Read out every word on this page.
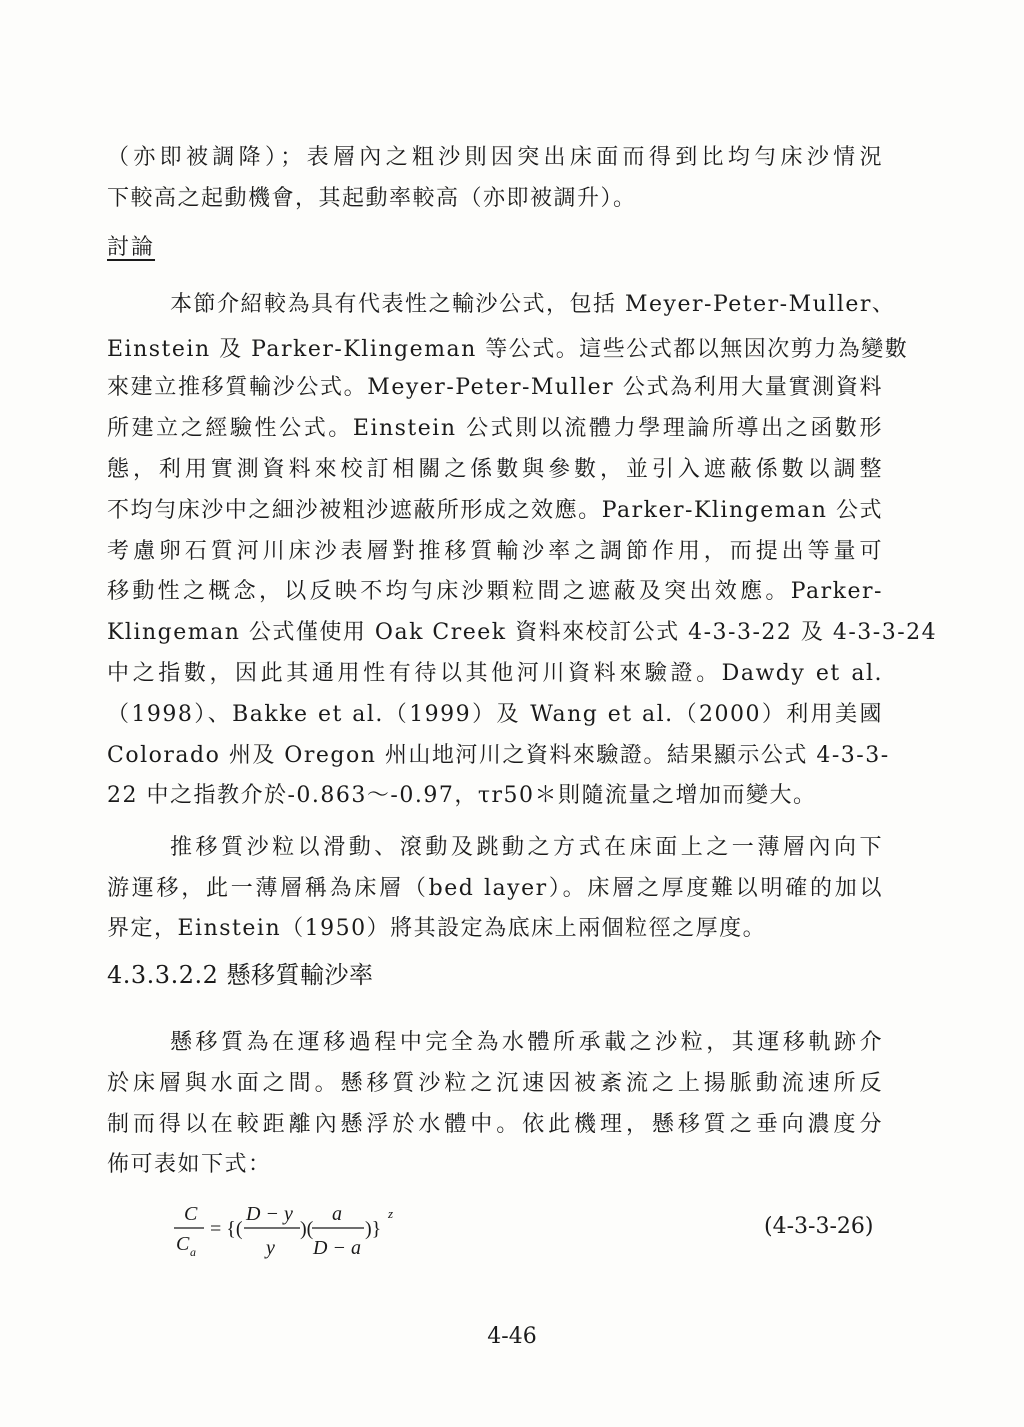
（亦即被調降）；表層內之粗沙則因突出床面而得到比均勻床沙情況
下較高之起動機會，其起動率較高（亦即被調升）。
討論
本節介紹較為具有代表性之輸沙公式，包括 Meyer-Peter-Muller、
Einstein 及 Parker-Klingeman 等公式。這些公式都以無因次剪力為變數
來建立推移質輸沙公式。Meyer-Peter-Muller 公式為利用大量實測資料
所建立之經驗性公式。Einstein 公式則以流體力學理論所導出之函數形
態，利用實測資料來校訂相關之係數與參數，並引入遮蔽係數以調整
不均勻床沙中之細沙被粗沙遮蔽所形成之效應。Parker-Klingeman 公式
考慮卵石質河川床沙表層對推移質輸沙率之調節作用，而提出等量可
移動性之概念，以反映不均勻床沙顆粒間之遮蔽及突出效應。Parker-
Klingeman 公式僅使用 Oak Creek 資料來校訂公式 4-3-3-22 及 4-3-3-24
中之指數，因此其通用性有待以其他河川資料來驗證。Dawdy et al.
（1998）、Bakke et al.（1999）及 Wang et al.（2000）利用美國
Colorado 州及 Oregon 州山地河川之資料來驗證。結果顯示公式 4-3-3-
22 中之指教介於-0.863～-0.97，τr50＊則隨流量之增加而變大。
推移質沙粒以滑動、滾動及跳動之方式在床面上之一薄層內向下
游運移，此一薄層稱為床層（bed layer）。床層之厚度難以明確的加以
界定，Einstein（1950）將其設定為底床上兩個粒徑之厚度。
4.3.3.2.2 懸移質輸沙率
懸移質為在運移過程中完全為水體所承載之沙粒，其運移軌跡介
於床層與水面之間。懸移質沙粒之沉速因被紊流之上揚脈動流速所反
制而得以在較距離內懸浮於水體中。依此機理，懸移質之垂向濃度分
佈可表如下式：
C
C a
= {(
D − y
y
)(
a
D − a
)}
z
(4-3-3-26)
4-46
